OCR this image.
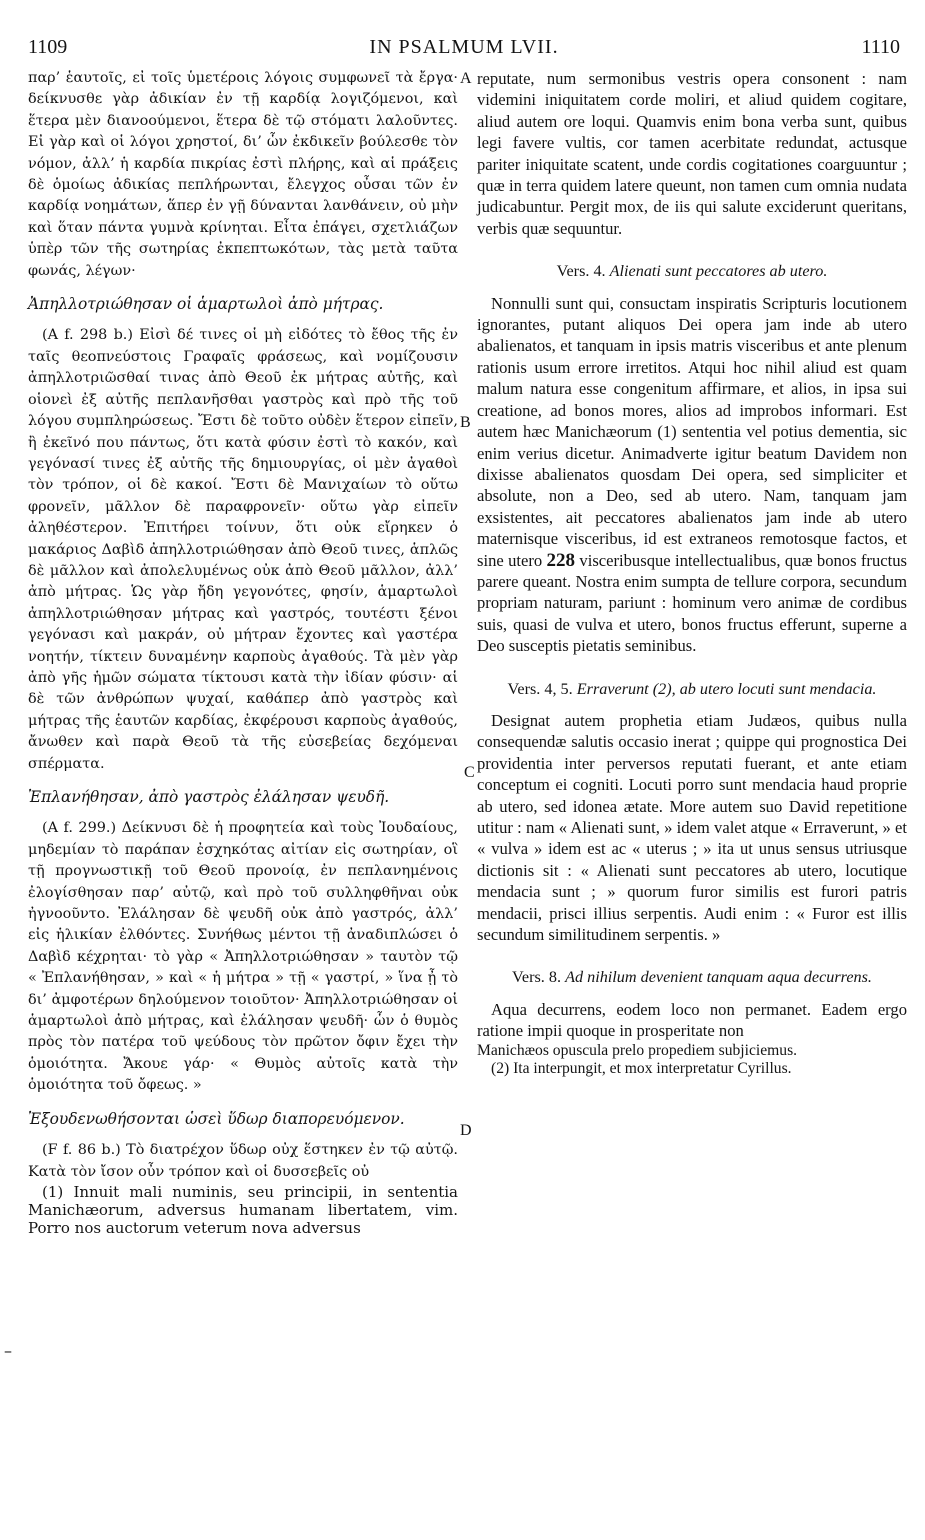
1109	IN PSALMUM LVII.	1110
A
B
C
D
–

παρ’ ἑαυτοῖς, εἰ τοῖς ὑμετέροις λόγοις συμφωνεῖ τὰ ἔργα· δείκνυσθε γὰρ ἀδικίαν ἐν τῇ καρδίᾳ λογιζόμενοι, καὶ ἕτερα μὲν διανοούμενοι, ἕτερα δὲ τῷ στόματι λαλοῦντες. Εἰ γὰρ καὶ οἱ λόγοι χρηστοί, δι’ ὧν ἐκδικεῖν βούλεσθε τὸν νόμον, ἀλλ’ ἡ καρδία πικρίας ἐστὶ πλήρης, καὶ αἱ πράξεις δὲ ὁμοίως ἀδικίας πεπλήρωνται, ἔλεγχος οὖσαι τῶν ἐν καρδίᾳ νοημάτων, ἅπερ ἐν γῇ δύνανται λανθάνειν, οὐ μὴν καὶ ὅταν πάντα γυμνὰ κρίνηται. Εἶτα ἐπάγει, σχετλιάζων ὑπὲρ τῶν τῆς σωτηρίας ἐκπεπτωκότων, τὰς μετὰ ταῦτα φωνάς, λέγων·

Ἀπηλλοτριώθησαν οἱ ἁμαρτωλοὶ ἀπὸ μήτρας.

(A f. 298 b.) Εἰσὶ δέ τινες οἱ μὴ εἰδότες τὸ ἔθος τῆς ἐν ταῖς θεοπνεύστοις Γραφαῖς φράσεως, καὶ νομίζουσιν ἀπηλλοτριῶσθαί τινας ἀπὸ Θεοῦ ἐκ μήτρας αὐτῆς, καὶ οἱονεὶ ἐξ αὐτῆς πεπλανῆσθαι γαστρὸς καὶ πρὸ τῆς τοῦ λόγου συμπληρώσεως. Ἔστι δὲ τοῦτο οὐδὲν ἕτερον εἰπεῖν, ἢ ἐκεῖνό που πάντως, ὅτι κατὰ φύσιν ἐστὶ τὸ κακόν, καὶ γεγόνασί τινες ἐξ αὐτῆς τῆς δημιουργίας, οἱ μὲν ἀγαθοὶ τὸν τρόπον, οἱ δὲ κακοί. Ἔστι δὲ Μανιχαίων τὸ οὕτω φρονεῖν, μᾶλλον δὲ παραφρονεῖν· οὕτω γὰρ εἰπεῖν ἀληθέστερον. Ἐπιτήρει τοίνυν, ὅτι οὐκ εἴρηκεν ὁ μακάριος Δαβὶδ ἀπηλλοτριώθησαν ἀπὸ Θεοῦ τινες, ἁπλῶς δὲ μᾶλλον καὶ ἀπολελυμένως οὐκ ἀπὸ Θεοῦ μᾶλλον, ἀλλ’ ἀπὸ μήτρας. Ὡς γὰρ ἤδη γεγονότες, φησίν, ἁμαρτωλοὶ ἀπηλλοτριώθησαν μήτρας καὶ γαστρός, τουτέστι ξένοι γεγόνασι καὶ μακράν, οὐ μήτραν ἔχοντες καὶ γαστέρα νοητήν, τίκτειν δυναμένην καρποὺς ἀγαθούς. Τὰ μὲν γὰρ ἀπὸ γῆς ἡμῶν σώματα τίκτουσι κατὰ τὴν ἰδίαν φύσιν· αἱ δὲ τῶν ἀνθρώπων ψυχαί, καθάπερ ἀπὸ γαστρὸς καὶ μήτρας τῆς ἑαυτῶν καρδίας, ἐκφέρουσι καρποὺς ἀγαθούς, ἄνωθεν καὶ παρὰ Θεοῦ τὰ τῆς εὐσεβείας δεχόμεναι σπέρματα.

Ἐπλανήθησαν, ἀπὸ γαστρὸς ἐλάλησαν ψευδῆ.

(A f. 299.) Δείκνυσι δὲ ἡ προφητεία καὶ τοὺς Ἰουδαίους, μηδεμίαν τὸ παράπαν ἐσχηκότας αἰτίαν εἰς σωτηρίαν, οἳ τῇ προγνωστικῇ τοῦ Θεοῦ προνοίᾳ, ἐν πεπλανημένοις ἐλογίσθησαν παρ’ αὐτῷ, καὶ πρὸ τοῦ συλληφθῆναι οὐκ ἠγνοοῦντο. Ἐλάλησαν δὲ ψευδῆ οὐκ ἀπὸ γαστρός, ἀλλ’ εἰς ἡλικίαν ἐλθόντες. Συνήθως μέντοι τῇ ἀναδιπλώσει ὁ Δαβὶδ κέχρηται· τὸ γὰρ « Ἀπηλλοτριώθησαν » ταυτὸν τῷ « Ἐπλανήθησαν, » καὶ « ἡ μήτρα » τῇ « γαστρί, » ἵνα ᾖ τὸ δι’ ἀμφοτέρων δηλούμενον τοιοῦτον· Ἀπηλλοτριώθησαν οἱ ἁμαρτωλοὶ ἀπὸ μήτρας, καὶ ἐλάλησαν ψευδῆ· ὧν ὁ θυμὸς πρὸς τὸν πατέρα τοῦ ψεύδους τὸν πρῶτον ὄφιν ἔχει τὴν ὁμοιότητα. Ἄκουε γάρ· « Θυμὸς αὐτοῖς κατὰ τὴν ὁμοιότητα τοῦ ὄφεως. »

Ἐξουδενωθήσονται ὡσεὶ ὕδωρ διαπορευόμενον.

(F f. 86 b.) Τὸ διατρέχον ὕδωρ οὐχ ἕστηκεν ἐν τῷ αὐτῷ. Κατὰ τὸν ἴσον οὖν τρόπον καὶ οἱ δυσσεβεῖς οὐ

(1) Innuit mali numinis, seu principii, in sententia Manichæorum, adversus humanam libertatem, vim. Porro nos auctorum veterum nova adversus

reputate, num sermonibus vestris opera consonent : nam videmini iniquitatem corde moliri, et aliud quidem cogitare, aliud autem ore loqui. Quamvis enim bona verba sunt, quibus legi favere vultis, cor tamen acerbitate redundat, actusque pariter iniquitate scatent, unde cordis cogitationes coarguuntur ; quæ in terra quidem latere queunt, non tamen cum omnia nudata judicabuntur. Pergit mox, de iis qui salute exciderunt queritans, verbis quæ sequuntur.

Vers. 4. Alienati sunt peccatores ab utero.

Nonnulli sunt qui, consuctam inspiratis Scripturis locutionem ignorantes, putant aliquos Dei opera jam inde ab utero abalienatos, et tanquam in ipsis matris visceribus et ante plenum rationis usum errore irretitos. Atqui hoc nihil aliud est quam malum natura esse congenitum affirmare, et alios, in ipsa sui creatione, ad bonos mores, alios ad improbos informari. Est autem hæc Manichæorum (1) sententia vel potius dementia, sic enim verius dicetur. Animadverte igitur beatum Davidem non dixisse abalienatos quosdam Dei opera, sed simpliciter et absolute, non a Deo, sed ab utero. Nam, tanquam jam exsistentes, ait peccatores abalienatos jam inde ab utero maternisque visceribus, id est extraneos remotosque factos, et sine utero 228 visceribusque intellectualibus, quæ bonos fructus parere queant. Nostra enim sumpta de tellure corpora, secundum propriam naturam, pariunt : hominum vero animæ de cordibus suis, quasi de vulva et utero, bonos fructus efferunt, superne a Deo susceptis pietatis seminibus.

Vers. 4, 5. Erraverunt (2), ab utero locuti sunt mendacia.

Designat autem prophetia etiam Judæos, quibus nulla consequendæ salutis occasio inerat ; quippe qui prognostica Dei providentia inter perversos reputati fuerant, et ante etiam conceptum ei cogniti. Locuti porro sunt mendacia haud proprie ab utero, sed idonea ætate. More autem suo David repetitione utitur : nam « Alienati sunt, » idem valet atque « Erraverunt, » et « vulva » idem est ac « uterus ; » ita ut unus sensus utriusque dictionis sit : « Alienati sunt peccatores ab utero, locutique mendacia sunt ; » quorum furor similis est furori patris mendacii, prisci illius serpentis. Audi enim : « Furor est illis secundum similitudinem serpentis. »

Vers. 8. Ad nihilum devenient tanquam aqua decurrens.

Aqua decurrens, eodem loco non permanet. Eadem ergo ratione impii quoque in prosperitate non

Manichæos opuscula prelo propediem subjiciemus.

(2) Ita interpungit, et mox interpretatur Cyrillus.
